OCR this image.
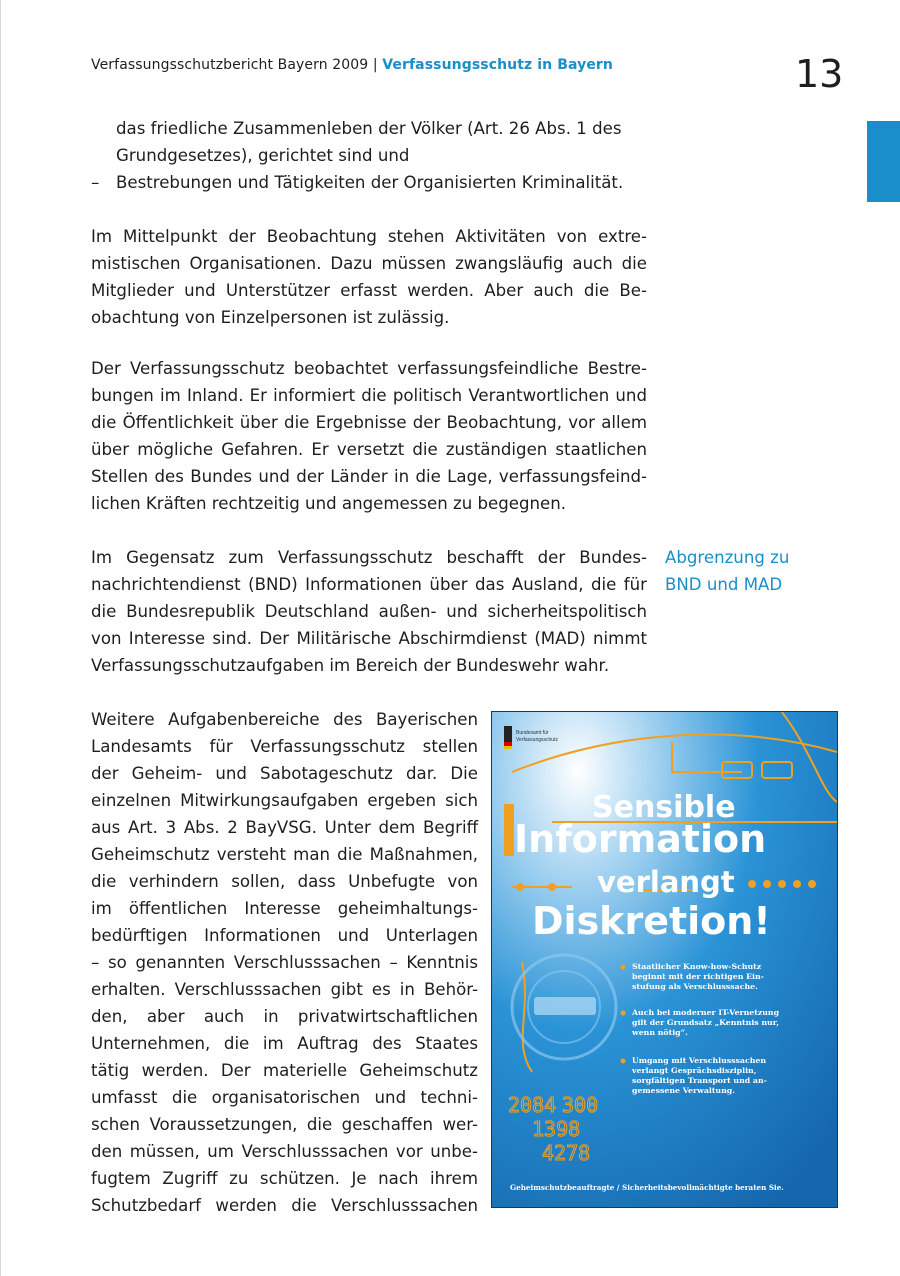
Verfassungsschutzbericht Bayern 2009 | Verfassungsschutz in Bayern	13
das friedliche Zusammenleben der Völker (Art. 26 Abs. 1 des
Grundgesetzes), gerichtet sind und
– Bestrebungen und Tätigkeiten der Organisierten Kriminalität.
Im Mittelpunkt der Beobachtung stehen Aktivitäten von extre-
mistischen Organisationen. Dazu müssen zwangsläufig auch die
Mitglieder und Unterstützer erfasst werden. Aber auch die Be-
obachtung von Einzelpersonen ist zulässig.
Der Verfassungsschutz beobachtet verfassungsfeindliche Bestre-
bungen im Inland. Er informiert die politisch Verantwortlichen und
die Öffentlichkeit über die Ergebnisse der Beobachtung, vor allem
über mögliche Gefahren. Er versetzt die zuständigen staatlichen
Stellen des Bundes und der Länder in die Lage, verfassungsfeind-
lichen Kräften rechtzeitig und angemessen zu begegnen.
Im Gegensatz zum Verfassungsschutz beschafft der Bundes-
nachrichtendienst (BND) Informationen über das Ausland, die für
die Bundesrepublik Deutschland außen- und sicherheitspolitisch
von Interesse sind. Der Militärische Abschirmdienst (MAD) nimmt
Verfassungsschutzaufgaben im Bereich der Bundeswehr wahr.
Abgrenzung zu
BND und MAD
Weitere Aufgabenbereiche des Bayerischen
Landesamts für Verfassungsschutz stellen
der Geheim- und Sabotageschutz dar. Die
einzelnen Mitwirkungsaufgaben ergeben sich
aus Art. 3 Abs. 2 BayVSG. Unter dem Begriff
Geheimschutz versteht man die Maßnahmen,
die verhindern sollen, dass Unbefugte von
im öffentlichen Interesse geheimhaltungs-
bedürftigen Informationen und Unterlagen
– so genannten Verschlusssachen – Kenntnis
erhalten. Verschlusssachen gibt es in Behör-
den, aber auch in privatwirtschaftlichen
Unternehmen, die im Auftrag des Staates
tätig werden. Der materielle Geheimschutz
umfasst die organisatorischen und techni-
schen Voraussetzungen, die geschaffen wer-
den müssen, um Verschlusssachen vor unbe-
fugtem Zugriff zu schützen. Je nach ihrem
Schutzbedarf werden die Verschlusssachen
Bundesamt für
Verfassungsschutz
Sensible
Information
verlangt
Diskretion!
Staatlicher Know-how-Schutz
beginnt mit der richtigen Ein-
stufung als Verschlusssache.
Auch bei moderner IT-Vernetzung
gilt der Grundsatz „Kenntnis nur,
wenn nötig“.
Umgang mit Verschlusssachen
verlangt Gesprächsdisziplin,
sorgfältigen Transport und an-
gemessene Verwaltung.
2084 300
1398
4278
Geheimschutzbeauftragte / Sicherheitsbevollmächtigte beraten Sie.
